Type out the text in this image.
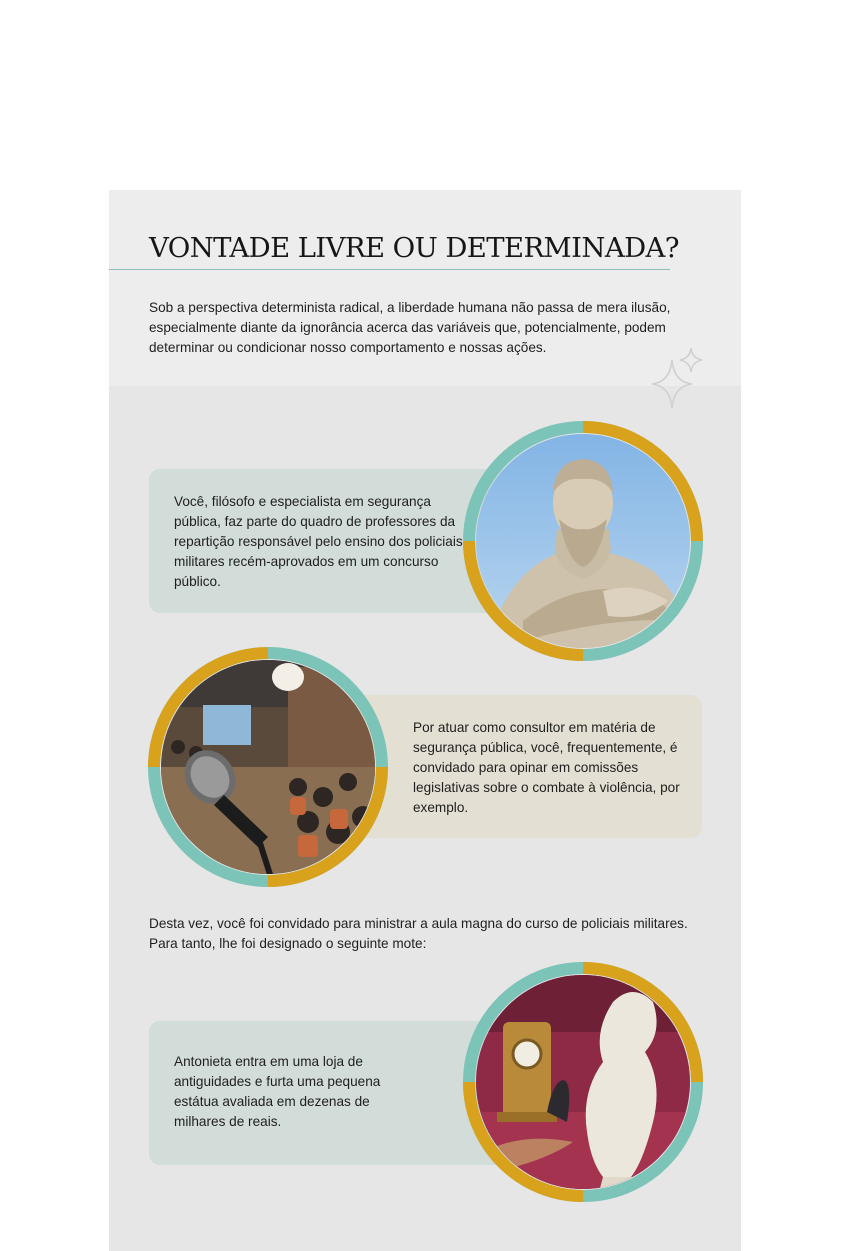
VONTADE LIVRE OU DETERMINADA?

Sob a perspectiva determinista radical, a liberdade humana não passa de mera ilusão, especialmente diante da ignorância acerca das variáveis que, potencialmente, podem determinar ou condicionar nosso comportamento e nossas ações.

Você, filósofo e especialista em segurança pública, faz parte do quadro de professores da repartição responsável pelo ensino dos policiais militares recém-aprovados em um concurso público.

Por atuar como consultor em matéria de segurança pública, você, frequentemente, é convidado para opinar em comissões legislativas sobre o combate à violência, por exemplo.

Desta vez, você foi convidado para ministrar a aula magna do curso de policiais militares. Para tanto, lhe foi designado o seguinte mote:

Antonieta entra em uma loja de antiguidades e furta uma pequena estátua avaliada em dezenas de milhares de reais.
